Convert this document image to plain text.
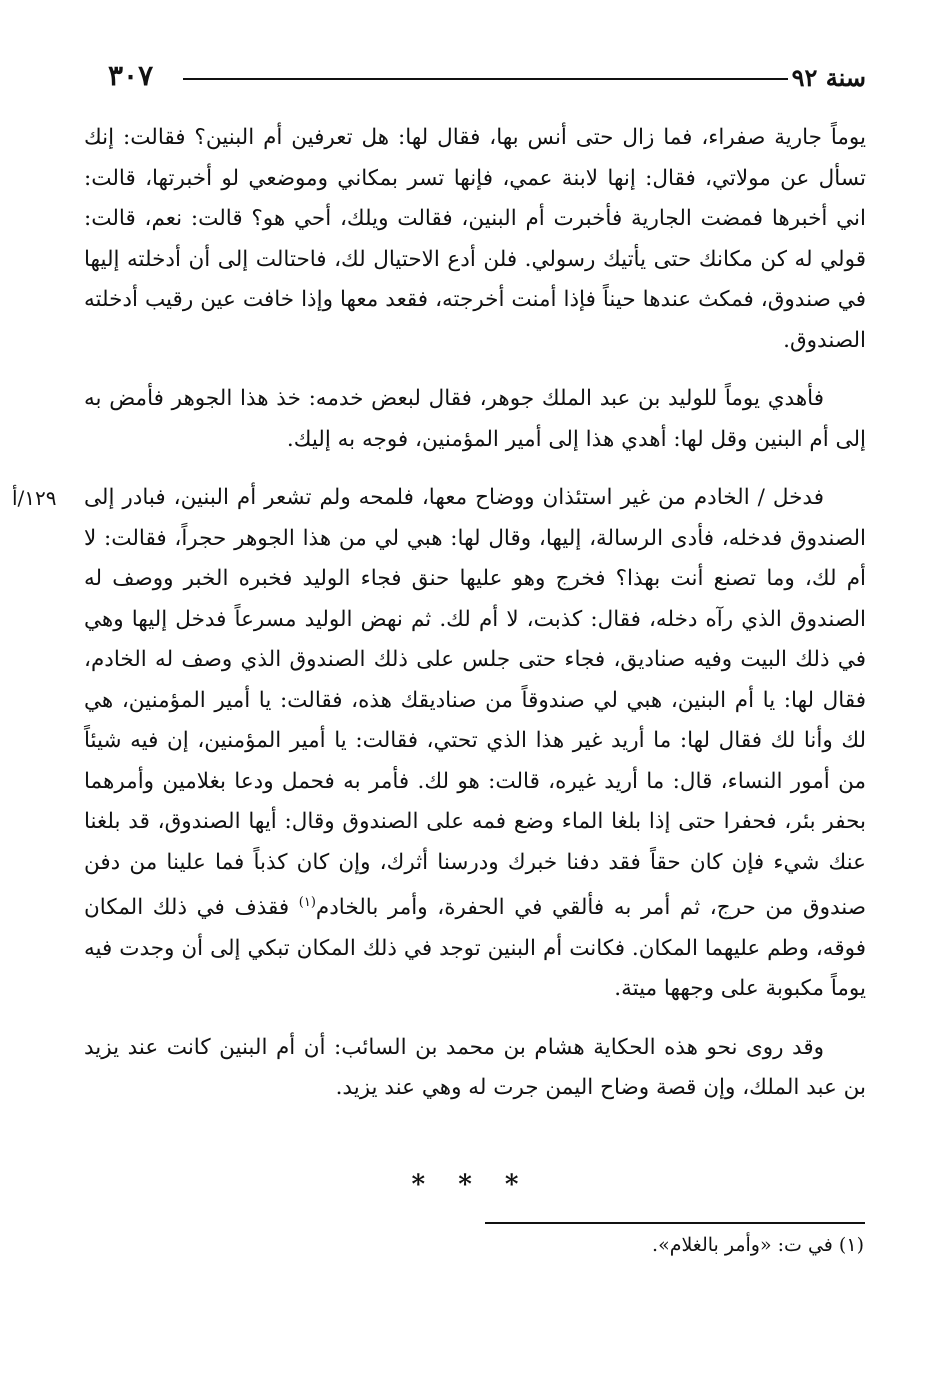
سنة ٩٢
٣٠٧

يوماً جارية صفراء، فما زال حتى أنس بها، فقال لها: هل تعرفين أم البنين؟ فقالت: إنك تسأل عن مولاتي، فقال: إنها لابنة عمي، فإنها تسر بمكاني وموضعي لو أخبرتها، قالت: اني أخبرها فمضت الجارية فأخبرت أم البنين، فقالت ويلك، أحي هو؟ قالت: نعم، قالت: قولي له كن مكانك حتى يأتيك رسولي. فلن أدع الاحتيال لك، فاحتالت إلى أن أدخلته إليها في صندوق، فمكث عندها حيناً فإذا أمنت أخرجته، فقعد معها وإذا خافت عين رقيب أدخلته الصندوق.

فأهدي يوماً للوليد بن عبد الملك جوهر، فقال لبعض خدمه: خذ هذا الجوهر فأمض به إلى أم البنين وقل لها: أهدي هذا إلى أمير المؤمنين، فوجه به إليك.

١٢٩/أ	فدخل / الخادم من غير استئذان ووضاح معها، فلمحه ولم تشعر أم البنين، فبادر إلى الصندوق فدخله، فأدى الرسالة، إليها، وقال لها: هبي لي من هذا الجوهر حجراً، فقالت: لا أم لك، وما تصنع أنت بهذا؟ فخرج وهو عليها حنق فجاء الوليد فخبره الخبر ووصف له الصندوق الذي رآه دخله، فقال: كذبت، لا أم لك. ثم نهض الوليد مسرعاً فدخل إليها وهي في ذلك البيت وفيه صناديق، فجاء حتى جلس على ذلك الصندوق الذي وصف له الخادم، فقال لها: يا أم البنين، هبي لي صندوقاً من صناديقك هذه، فقالت: يا أمير المؤمنين، هي لك وأنا لك فقال لها: ما أريد غير هذا الذي تحتي، فقالت: يا أمير المؤمنين، إن فيه شيئاً من أمور النساء، قال: ما أريد غيره، قالت: هو لك. فأمر به فحمل ودعا بغلامين وأمرهما بحفر بئر، فحفرا حتى إذا بلغا الماء وضع فمه على الصندوق وقال: أيها الصندوق، قد بلغنا عنك شيء فإن كان حقاً فقد دفنا خبرك ودرسنا أثرك، وإن كان كذباً فما علينا من دفن صندوق من حرج، ثم أمر به فألقي في الحفرة، وأمر بالخادم$^{(١)}$ فقذف في ذلك المكان فوقه، وطم عليهما المكان. فكانت أم البنين توجد في ذلك المكان تبكي إلى أن وجدت فيه يوماً مكبوبة على وجهها ميتة.

وقد روى نحو هذه الحكاية هشام بن محمد بن السائب: أن أم البنين كانت عند يزيد بن عبد الملك، وإن قصة وضاح اليمن جرت له وهي عند يزيد.

* * *
(١) في ت: «وأمر بالغلام».
